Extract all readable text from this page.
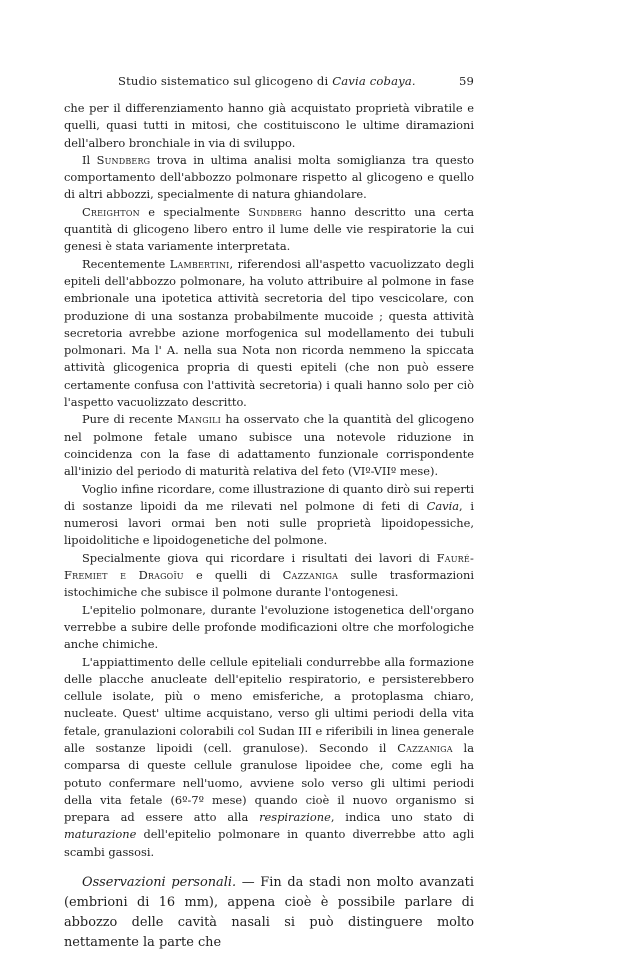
Studio sistematico sul glicogeno di Cavia cobaya.	59

che per il differenziamento hanno già acquistato proprietà vibratile e quelli, quasi tutti in mitosi, che costituiscono le ultime diramazioni dell'albero bronchiale in via di sviluppo.

Il Sundberg trova in ultima analisi molta somiglianza tra questo comportamento dell'abbozzo polmonare rispetto al glicogeno e quello di altri abbozzi, specialmente di natura ghiandolare.

Creighton e specialmente Sundberg hanno descritto una certa quantità di glicogeno libero entro il lume delle vie respiratorie la cui genesi è stata variamente interpretata.

Recentemente Lambertini, riferendosi all'aspetto vacuolizzato degli epiteli dell'abbozzo polmonare, ha voluto attribuire al polmone in fase embrionale una ipotetica attività secretoria del tipo vescicolare, con produzione di una sostanza probabilmente mucoide ; questa attività secretoria avrebbe azione morfogenica sul modellamento dei tubuli polmonari. Ma l' A. nella sua Nota non ricorda nemmeno la spiccata attività glicogenica propria di questi epiteli (che non può essere certamente confusa con l'attività secretoria) i quali hanno solo per ciò l'aspetto vacuolizzato descritto.

Pure di recente Mangili ha osservato che la quantità del glicogeno nel polmone fetale umano subisce una notevole riduzione in coincidenza con la fase di adattamento funzionale corrispondente all'inizio del periodo di maturità relativa del feto (VIº-VIIº mese).

Voglio infine ricordare, come illustrazione di quanto dirò sui reperti di sostanze lipoidi da me rilevati nel polmone di feti di Cavia, i numerosi lavori ormai ben noti sulle proprietà lipoidopessiche, lipoidolitiche e lipoidogenetiche del polmone.

Specialmente giova qui ricordare i risultati dei lavori di Fauré-Fremiet e Dragoïu e quelli di Cazzaniga sulle trasformazioni istochimiche che subisce il polmone durante l'ontogenesi.

L'epitelio polmonare, durante l'evoluzione istogenetica dell'organo verrebbe a subire delle profonde modificazioni oltre che morfologiche anche chimiche.

L'appiattimento delle cellule epiteliali condurrebbe alla formazione delle placche anucleate dell'epitelio respiratorio, e persisterebbero cellule isolate, più o meno emisferiche, a protoplasma chiaro, nucleate. Quest' ultime acquistano, verso gli ultimi periodi della vita fetale, granulazioni colorabili col Sudan III e riferibili in linea generale alle sostanze lipoidi (cell. granulose). Secondo il Cazzaniga la comparsa di queste cellule granulose lipoidee che, come egli ha potuto confermare nell'uomo, avviene solo verso gli ultimi periodi della vita fetale (6º-7º mese) quando cioè il nuovo organismo si prepara ad essere atto alla respirazione, indica uno stato di maturazione dell'epitelio polmonare in quanto diverrebbe atto agli scambi gassosi.

Osservazioni personali. — Fin da stadi non molto avanzati (embrioni di 16 mm), appena cioè è possibile parlare di abbozzo delle cavità nasali si può distinguere molto nettamente la parte che
